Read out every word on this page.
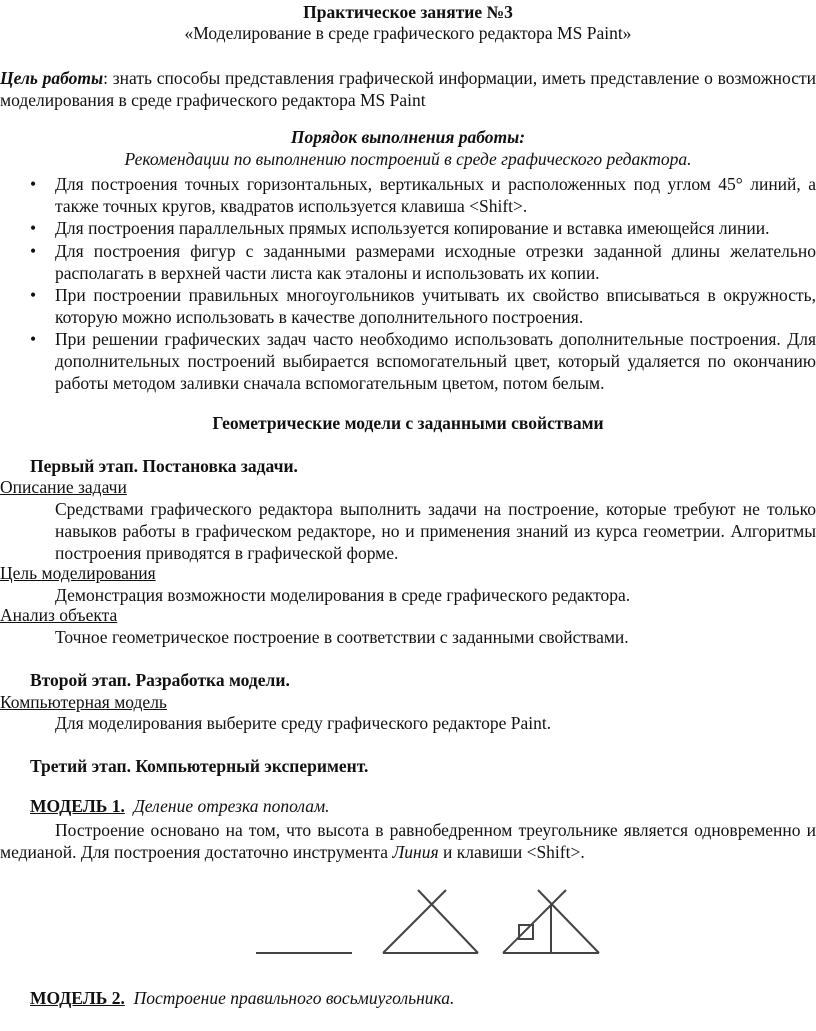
Практическое занятие №3
«Моделирование в среде графического редактора MS Paint»
Цель работы: знать способы представления графической информации, иметь представление о возможности моделирования в среде графического редактора MS Paint
Порядок выполнения работы:
Рекомендации по выполнению построений в среде графического редактора.
• Для построения точных горизонтальных, вертикальных и расположенных под углом 45° линий, а также точных кругов, квадратов используется клавиша <Shift>.
• Для построения параллельных прямых используется копирование и вставка имеющейся линии.
• Для построения фигур с заданными размерами исходные отрезки заданной длины желательно располагать в верхней части листа как эталоны и использовать их копии.
• При построении правильных многоугольников учитывать их свойство вписываться в окружность, которую можно использовать в качестве дополнительного построения.
• При решении графических задач часто необходимо использовать дополнительные построения. Для дополнительных построений выбирается вспомогательный цвет, который удаляется по окончанию работы методом заливки сначала вспомогательным цветом, потом белым.
Геометрические модели с заданными свойствами
Первый этап. Постановка задачи.
Описание задачи
Средствами графического редактора выполнить задачи на построение, которые требуют не только навыков работы в графическом редакторе, но и применения знаний из курса геометрии. Алгоритмы построения приводятся в графической форме.
Цель моделирования
Демонстрация возможности моделирования в среде графического редактора.
Анализ объекта
Точное геометрическое построение в соответствии с заданными свойствами.
Второй этап. Разработка модели.
Компьютерная модель
Для моделирования выберите среду графического редакторе Paint.
Третий этап. Компьютерный эксперимент.
МОДЕЛЬ 1. Деление отрезка пополам.
Построение основано на том, что высота в равнобедренном треугольнике является одновременно и медианой. Для построения достаточно инструмента Линия и клавиши <Shift>.
МОДЕЛЬ 2. Построение правильного восьмиугольника.
